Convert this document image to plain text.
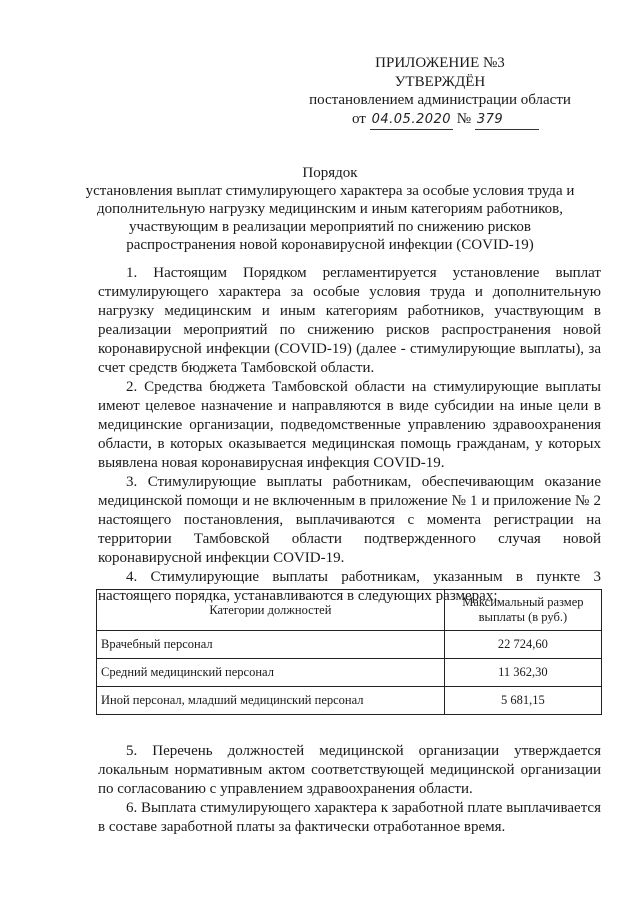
ПРИЛОЖЕНИЕ №3
УТВЕРЖДЁН
постановлением администрации области
от 04.05.2020 № 379
Порядок
установления выплат стимулирующего характера за особые условия труда и
дополнительную нагрузку медицинским и иным категориям работников,
участвующим в реализации мероприятий по снижению рисков
распространения новой коронавирусной инфекции (COVID-19)

1. Настоящим Порядком регламентируется установление выплат стимулирующего характера за особые условия труда и дополнительную нагрузку медицинским и иным категориям работников, участвующим в реализации мероприятий по снижению рисков распространения новой коронавирусной инфекции (COVID-19) (далее - стимулирующие выплаты), за счет средств бюджета Тамбовской области.

2. Средства бюджета Тамбовской области на стимулирующие выплаты имеют целевое назначение и направляются в виде субсидии на иные цели в медицинские организации, подведомственные управлению здравоохранения области, в которых оказывается медицинская помощь гражданам, у которых выявлена новая коронавирусная инфекция COVID-19.

3. Стимулирующие выплаты работникам, обеспечивающим оказание медицинской помощи и не включенным в приложение № 1 и приложение № 2 настоящего постановления, выплачиваются с момента регистрации на территории Тамбовской области подтвержденного случая новой коронавирусной инфекции COVID-19.

4. Стимулирующие выплаты работникам, указанным в пункте 3 настоящего порядка, устанавливаются в следующих размерах:

Категории должностей	Максимальный размер выплаты (в руб.)
Врачебный персонал	22 724,60
Средний медицинский персонал	11 362,30
Иной персонал, младший медицинский персонал	5 681,15

5. Перечень должностей медицинской организации утверждается локальным нормативным актом соответствующей медицинской организации по согласованию с управлением здравоохранения области.

6. Выплата стимулирующего характера к заработной плате выплачивается в составе заработной платы за фактически отработанное время.
